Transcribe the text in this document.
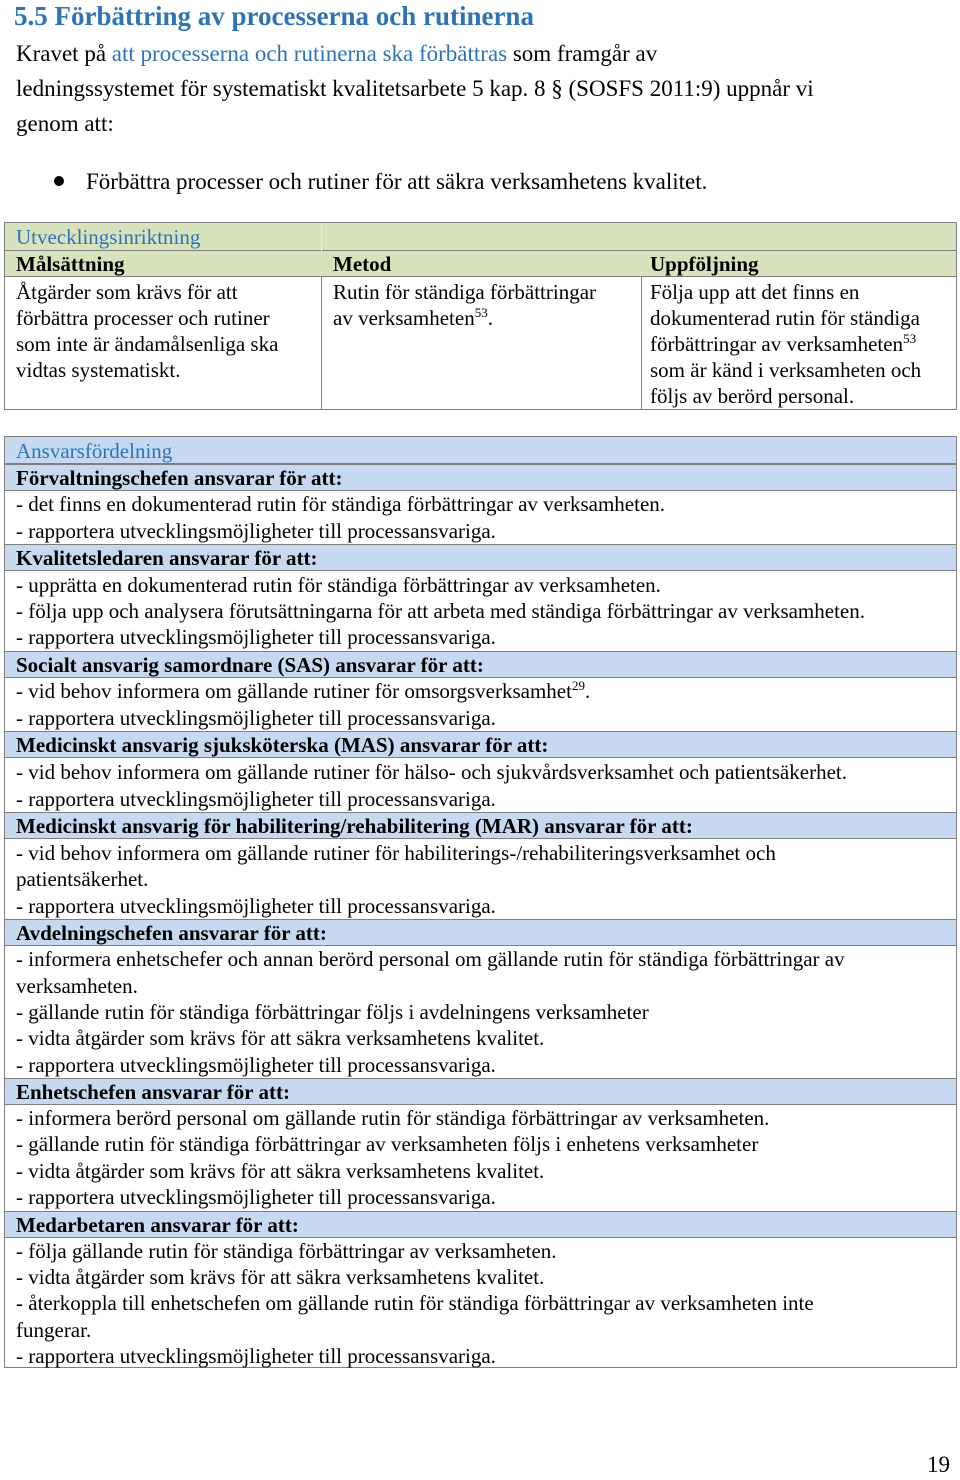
5.5 Förbättring av processerna och rutinerna
Kravet på att processerna och rutinerna ska förbättras som framgår av
ledningssystemet för systematiskt kvalitetsarbete 5 kap. 8 § (SOSFS 2011:9) uppnår vi
genom att:
Förbättra processer och rutiner för att säkra verksamhetens kvalitet.
Utvecklingsinriktning
Målsättning	Metod	Uppföljning
Åtgärder som krävs för att
förbättra processer och rutiner
som inte är ändamålsenliga ska
vidtas systematiskt.
Rutin för ständiga förbättringar
av verksamheten$^{53}$.
Följa upp att det finns en
dokumenterad rutin för ständiga
förbättringar av verksamheten$^{53}$
som är känd i verksamheten och
följs av berörd personal.
Ansvarsfördelning
Förvaltningschefen ansvarar för att:
- det finns en dokumenterad rutin för ständiga förbättringar av verksamheten.
- rapportera utvecklingsmöjligheter till processansvariga.
Kvalitetsledaren ansvarar för att:
- upprätta en dokumenterad rutin för ständiga förbättringar av verksamheten.
- följa upp och analysera förutsättningarna för att arbeta med ständiga förbättringar av verksamheten.
- rapportera utvecklingsmöjligheter till processansvariga.
Socialt ansvarig samordnare (SAS) ansvarar för att:
- vid behov informera om gällande rutiner för omsorgsverksamhet$^{29}$.
- rapportera utvecklingsmöjligheter till processansvariga.
Medicinskt ansvarig sjuksköterska (MAS) ansvarar för att:
- vid behov informera om gällande rutiner för hälso- och sjukvårdsverksamhet och patientsäkerhet.
- rapportera utvecklingsmöjligheter till processansvariga.
Medicinskt ansvarig för habilitering/rehabilitering (MAR) ansvarar för att:
- vid behov informera om gällande rutiner för habiliterings-/rehabiliteringsverksamhet och
patientsäkerhet.
- rapportera utvecklingsmöjligheter till processansvariga.
Avdelningschefen ansvarar för att:
- informera enhetschefer och annan berörd personal om gällande rutin för ständiga förbättringar av
verksamheten.
- gällande rutin för ständiga förbättringar följs i avdelningens verksamheter
- vidta åtgärder som krävs för att säkra verksamhetens kvalitet.
- rapportera utvecklingsmöjligheter till processansvariga.
Enhetschefen ansvarar för att:
- informera berörd personal om gällande rutin för ständiga förbättringar av verksamheten.
- gällande rutin för ständiga förbättringar av verksamheten följs i enhetens verksamheter
- vidta åtgärder som krävs för att säkra verksamhetens kvalitet.
- rapportera utvecklingsmöjligheter till processansvariga.
Medarbetaren ansvarar för att:
- följa gällande rutin för ständiga förbättringar av verksamheten.
- vidta åtgärder som krävs för att säkra verksamhetens kvalitet.
- återkoppla till enhetschefen om gällande rutin för ständiga förbättringar av verksamheten inte
fungerar.
- rapportera utvecklingsmöjligheter till processansvariga.
19
